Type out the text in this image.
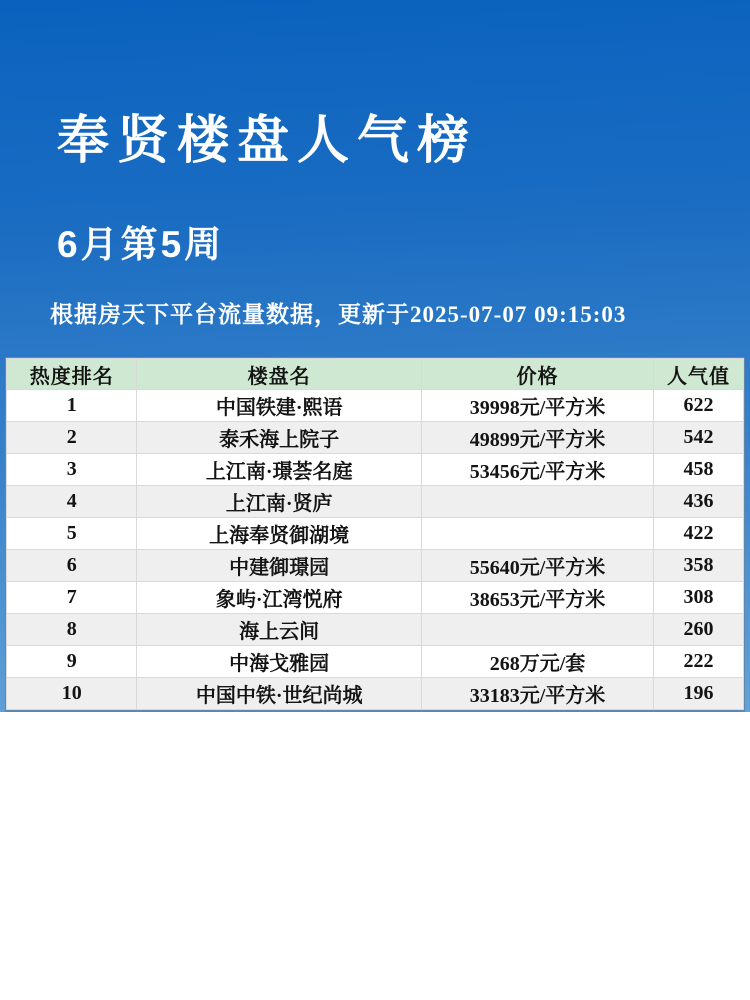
奉贤楼盘人气榜
6月第5周

根据房天下平台流量数据，更新于2025-07-07 09:15:03

热度排名	楼盘名	价格	人气值
1	中国铁建·熙语	39998元/平方米	622
2	泰禾海上院子	49899元/平方米	542
3	上江南·璟荟名庭	53456元/平方米	458
4	上江南·贤庐		436
5	上海奉贤御湖境		422
6	中建御璟园	55640元/平方米	358
7	象屿·江湾悦府	38653元/平方米	308
8	海上云间		260
9	中海戈雅园	268万元/套	222
10	中国中铁·世纪尚城	33183元/平方米	196
